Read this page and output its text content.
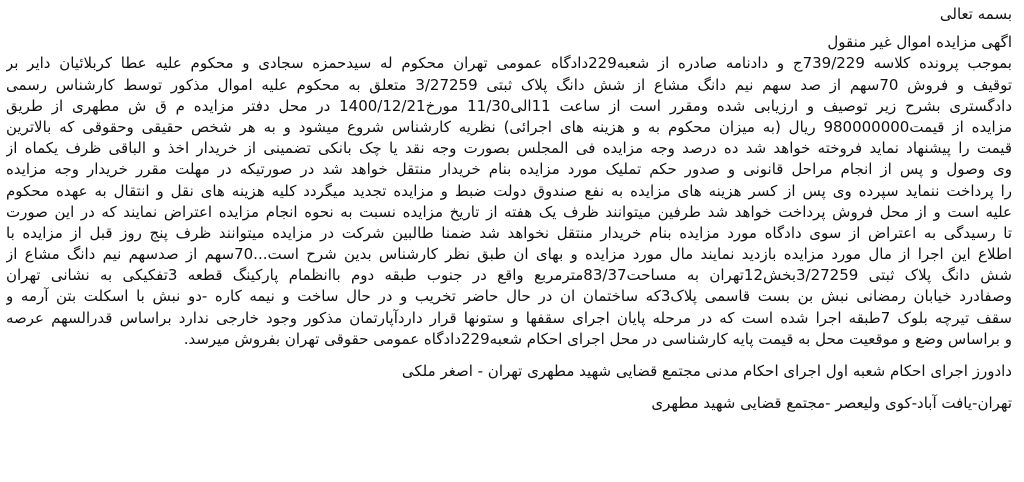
بسمه تعالی
اگهی مزایده اموال غیر منقول
بموجب پرونده کلاسه 739/229ج و دادنامه صادره از شعبه229دادگاه عمومی تهران محکوم له سیدحمزه سجادی و محکوم علیه عطا کربلائیان دایر بر
توقیف و فروش 70سهم از صد سهم نیم دانگ مشاع از شش دانگ پلاک ثبتی 3/27259 متعلق به محکوم علیه اموال مذکور توسط کارشناس رسمی
دادگستری بشرح زیر توصیف و ارزیابی شده ومقرر است از ساعت 11الی11/30 مورخ1400/12/21 در محل دفتر مزایده م ق ش مطهری از طریق
مزایده از قیمت980000000 ریال (به میزان محکوم به و هزینه های اجرائی) نظریه کارشناس شروع میشود و به هر شخص حقیقی وحقوقی که بالاترین
قیمت را پیشنهاد نماید فروخته خواهد شد ده درصد وجه مزایده فی المجلس بصورت وجه نقد یا چک بانکی تضمینی از خریدار اخذ و الباقی ظرف یکماه از
وی وصول و پس از انجام مراحل قانونی و صدور حکم تملیک مورد مزایده بنام خریدار منتقل خواهد شد در صورتیکه در مهلت مقرر خریدار وجه مزایده
را پرداخت ننماید سپرده وی پس از کسر هزینه های مزایده به نفع صندوق دولت ضبط و مزایده تجدید میگردد کلیه هزینه های نقل و انتقال به عهده محکوم
علیه است و از محل فروش پرداخت خواهد شد طرفین میتوانند ظرف یک هفته از تاریخ مزایده نسبت به نحوه انجام مزایده اعتراض نمایند که در این صورت
تا رسیدگی به اعتراض از سوی دادگاه مورد مزایده بنام خریدار منتقل نخواهد شد ضمنا طالبین شرکت در مزایده میتوانند ظرف پنج روز قبل از مزایده با
اطلاع این اجرا از مال مورد مزایده بازدید نمایند مال مورد مزایده و بهای ان طبق نظر کارشناس بدین شرح است...70سهم از صدسهم نیم دانگ مشاع از
شش دانگ پلاک ثبتی 3/27259بخش12تهران به مساحت83/37مترمربع واقع در جنوب طبقه دوم باانظمام پارکینگ قطعه 3تفکیکی به نشانی تهران
وصفادرد خیابان رمضانی نبش بن بست قاسمی پلاک3که ساختمان ان در حال حاضر تخریب و در حال ساخت و نیمه کاره -دو نبش با اسکلت بتن آرمه و
سقف تیرچه بلوک 7طبقه اجرا شده است که در مرحله پایان اجرای سقفها و ستونها قرار داردآپارتمان مذکور وجود خارجی ندارد براساس قدرالسهم عرصه
و براساس وضع و موقعیت محل به قیمت پایه کارشناسی در محل اجرای احکام شعبه229دادگاه عمومی حقوقی تهران بفروش میرسد.
دادورز اجرای احکام شعبه اول اجرای احکام مدنی مجتمع قضایی شهید مطهری تهران - اصغر ملکی
تهران-یافت آباد-کوی ولیعصر -مجتمع قضایی شهید مطهری
